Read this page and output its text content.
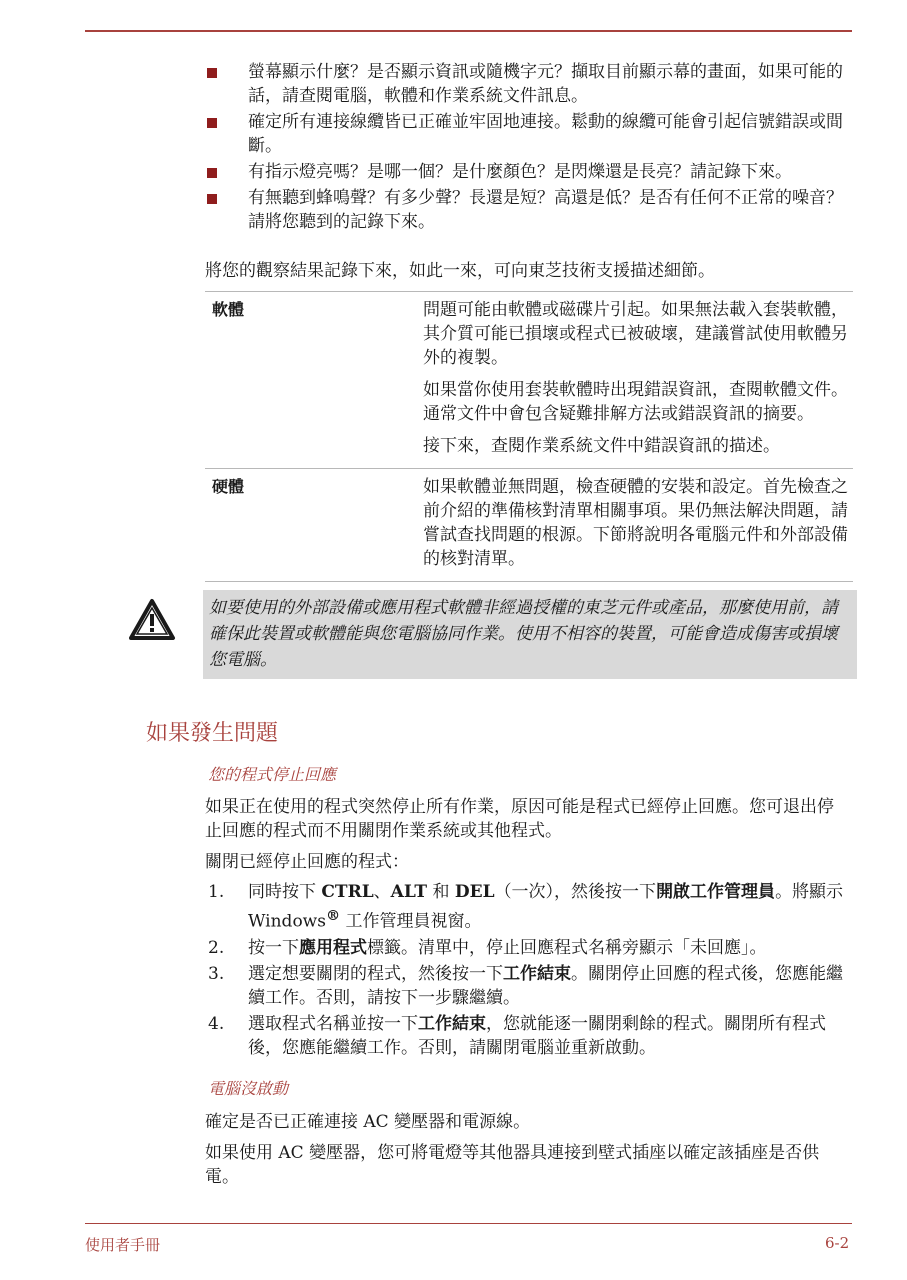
螢幕顯示什麼？是否顯示資訊或隨機字元？擷取目前顯示幕的畫面，如果可能的話，請查閱電腦，軟體和作業系統文件訊息。
確定所有連接線纜皆已正確並牢固地連接。鬆動的線纜可能會引起信號錯誤或間斷。
有指示燈亮嗎？是哪一個？是什麼顏色？是閃爍還是長亮？請記錄下來。
有無聽到蜂鳴聲？有多少聲？長還是短？高還是低？是否有任何不正常的噪音？請將您聽到的記錄下來。

將您的觀察結果記錄下來，如此一來，可向東芝技術支援描述細節。

軟體	問題可能由軟體或磁碟片引起。如果無法載入套裝軟體，其介質可能已損壞或程式已被破壞，建議嘗試使用軟體另外的複製。

如果當你使用套裝軟體時出現錯誤資訊，查閱軟體文件。通常文件中會包含疑難排解方法或錯誤資訊的摘要。

接下來，查閱作業系統文件中錯誤資訊的描述。

硬體	如果軟體並無問題，檢查硬體的安裝和設定。首先檢查之前介紹的準備核對清單相關事項。果仍無法解決問題，請嘗試查找問題的根源。下節將說明各電腦元件和外部設備的核對清單。

如要使用的外部設備或應用程式軟體非經過授權的東芝元件或產品，那麼使用前，請確保此裝置或軟體能與您電腦協同作業。使用不相容的裝置，可能會造成傷害或損壞您電腦。

如果發生問題
您的程式停止回應

如果正在使用的程式突然停止所有作業，原因可能是程式已經停止回應。您可退出停止回應的程式而不用關閉作業系統或其他程式。

關閉已經停止回應的程式：

1. 同時按下 CTRL、ALT 和 DEL（一次），然後按一下開啟工作管理員。將顯示 Windows® 工作管理員視窗。
2. 按一下應用程式標籤。清單中，停止回應程式名稱旁顯示「未回應」。
3. 選定想要關閉的程式，然後按一下工作結束。關閉停止回應的程式後，您應能繼續工作。否則，請按下一步驟繼續。
4. 選取程式名稱並按一下工作結束，您就能逐一關閉剩餘的程式。關閉所有程式後，您應能繼續工作。否則，請關閉電腦並重新啟動。
電腦沒啟動

確定是否已正確連接 AC 變壓器和電源線。

如果使用 AC 變壓器，您可將電燈等其他器具連接到壁式插座以確定該插座是否供電。

使用者手冊	6-2
